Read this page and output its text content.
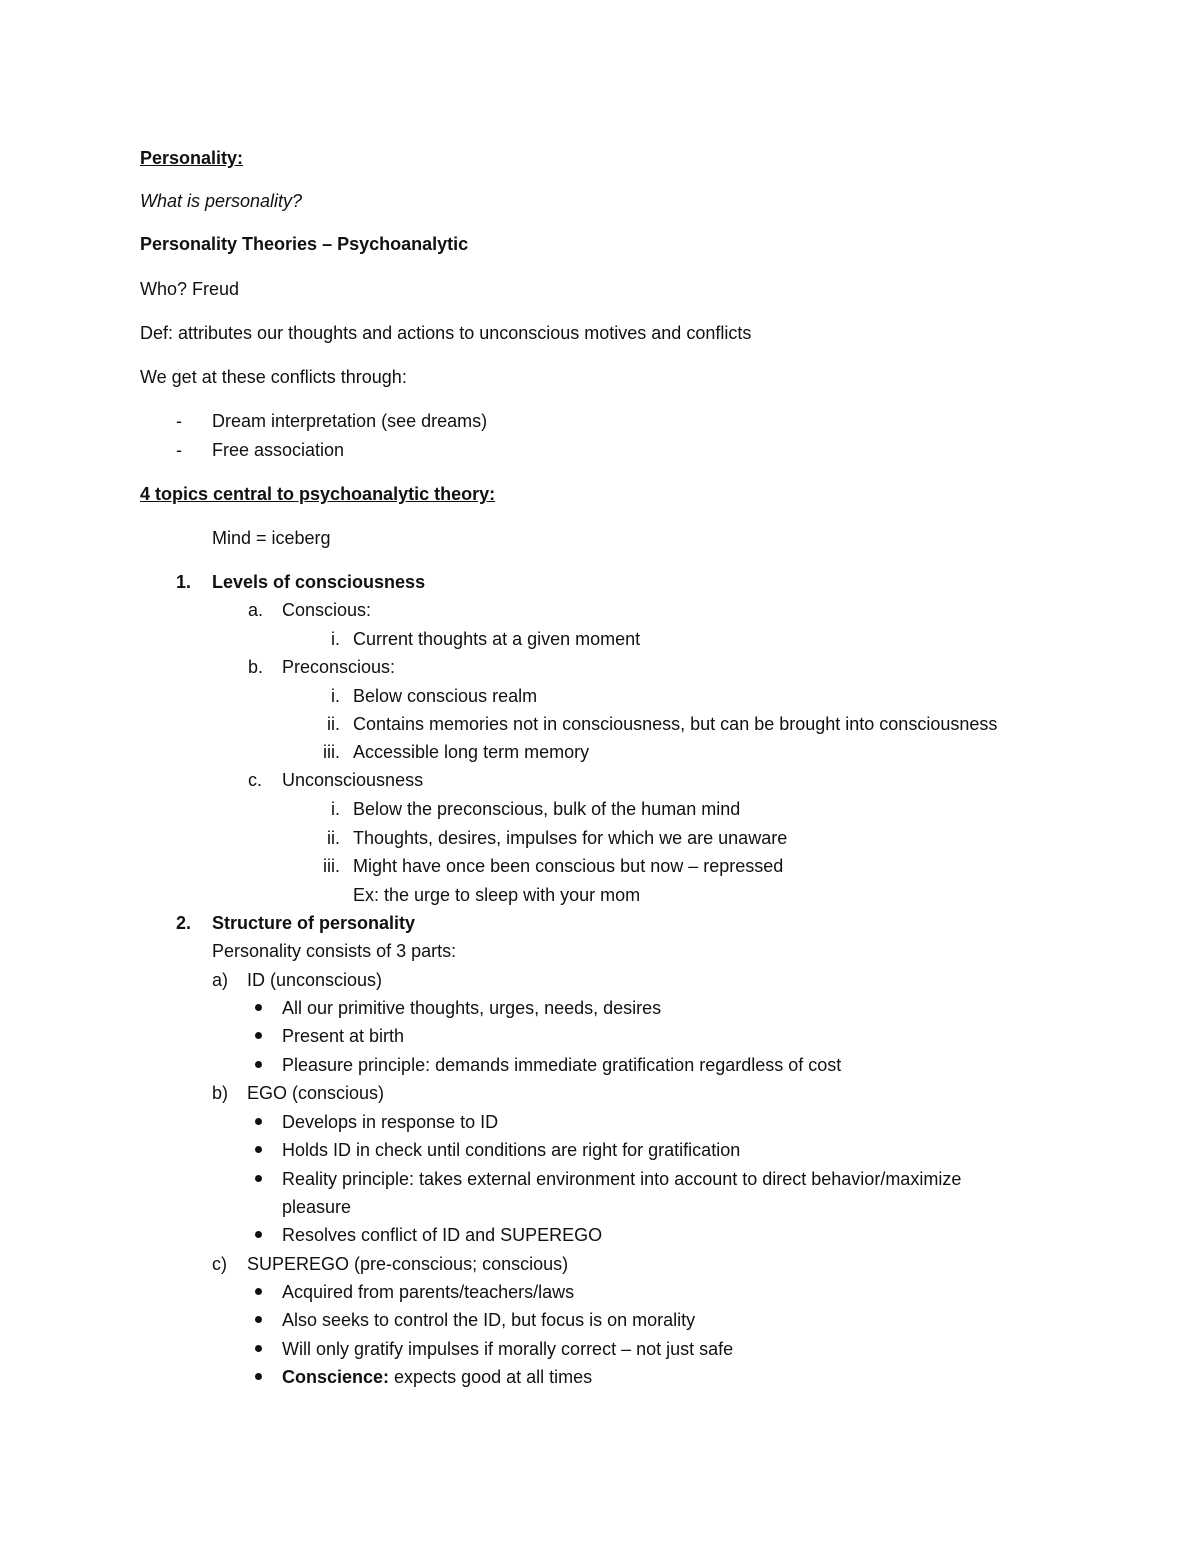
Personality:
What is personality?
Personality Theories – Psychoanalytic
Who? Freud
Def: attributes our thoughts and actions to unconscious motives and conflicts
We get at these conflicts through:
- Dream interpretation (see dreams)
- Free association
4 topics central to psychoanalytic theory:
Mind = iceberg
1. Levels of consciousness
a. Conscious:
i. Current thoughts at a given moment
b. Preconscious:
i. Below conscious realm
ii. Contains memories not in consciousness, but can be brought into consciousness
iii. Accessible long term memory
c. Unconsciousness
i. Below the preconscious, bulk of the human mind
ii. Thoughts, desires, impulses for which we are unaware
iii. Might have once been conscious but now – repressed
Ex: the urge to sleep with your mom
2. Structure of personality
Personality consists of 3 parts:
a) ID (unconscious)
All our primitive thoughts, urges, needs, desires
Present at birth
Pleasure principle: demands immediate gratification regardless of cost
b) EGO (conscious)
Develops in response to ID
Holds ID in check until conditions are right for gratification
Reality principle: takes external environment into account to direct behavior/maximize
pleasure
Resolves conflict of ID and SUPEREGO
c) SUPEREGO (pre-conscious; conscious)
Acquired from parents/teachers/laws
Also seeks to control the ID, but focus is on morality
Will only gratify impulses if morally correct – not just safe
Conscience: expects good at all times
